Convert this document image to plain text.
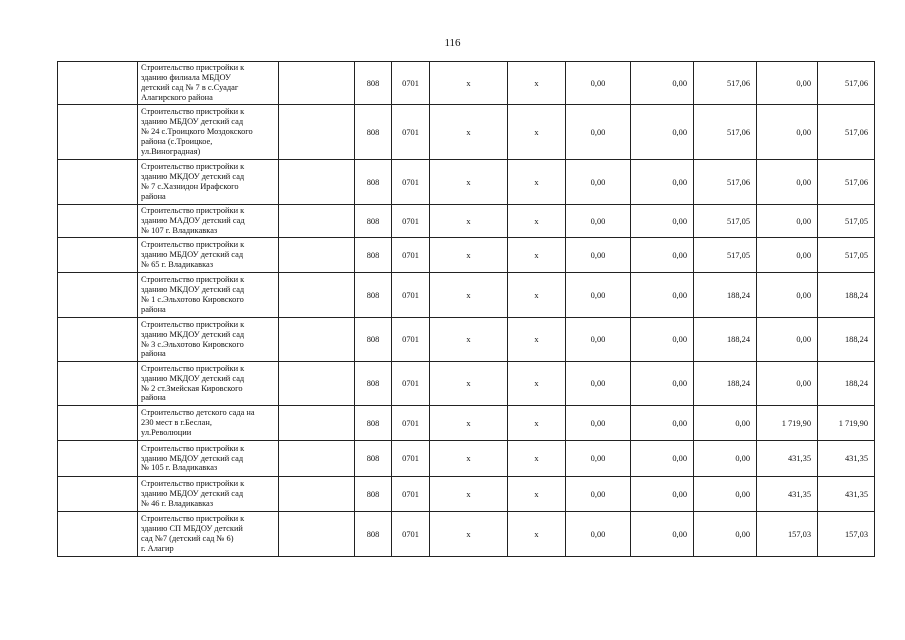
116
	Строительство пристройки к
зданию филиала МБДОУ
детский сад № 7 в с.Суадаг
Алагирского района		808	0701	х	х	0,00	0,00	517,06	0,00	517,06
	Строительство пристройки к
зданию МБДОУ детский сад
№ 24 с.Троицкого Моздокского
района (с.Троицкое,
ул.Виноградная)		808	0701	х	х	0,00	0,00	517,06	0,00	517,06
	Строительство пристройки к
зданию МКДОУ детский сад
№ 7 с.Хазнидон Ирафского
района		808	0701	х	х	0,00	0,00	517,06	0,00	517,06
	Строительство пристройки к
зданию МАДОУ детский сад
№ 107 г. Владикавказ		808	0701	х	х	0,00	0,00	517,05	0,00	517,05
	Строительство пристройки к
зданию МБДОУ детский сад
№ 65 г. Владикавказ		808	0701	х	х	0,00	0,00	517,05	0,00	517,05
	Строительство пристройки к
зданию МКДОУ детский сад
№ 1 с.Эльхотово Кировского
района		808	0701	х	х	0,00	0,00	188,24	0,00	188,24
	Строительство пристройки к
зданию МКДОУ детский сад
№ 3 с.Эльхотово Кировского
района		808	0701	х	х	0,00	0,00	188,24	0,00	188,24
	Строительство пристройки к
зданию МКДОУ детский сад
№ 2 ст.Змейская Кировского
района		808	0701	х	х	0,00	0,00	188,24	0,00	188,24
	Строительство детского сада на
230 мест в г.Беслан,
ул.Революции		808	0701	х	х	0,00	0,00	0,00	1 719,90	1 719,90
	Строительство пристройки к
зданию МБДОУ детский сад
№ 105 г. Владикавказ		808	0701	х	х	0,00	0,00	0,00	431,35	431,35
	Строительство пристройки к
зданию МБДОУ детский сад
№ 46 г. Владикавказ		808	0701	х	х	0,00	0,00	0,00	431,35	431,35
	Строительство пристройки к
зданию СП МБДОУ детский
сад №7 (детский сад № 6)
г. Алагир		808	0701	х	х	0,00	0,00	0,00	157,03	157,03
